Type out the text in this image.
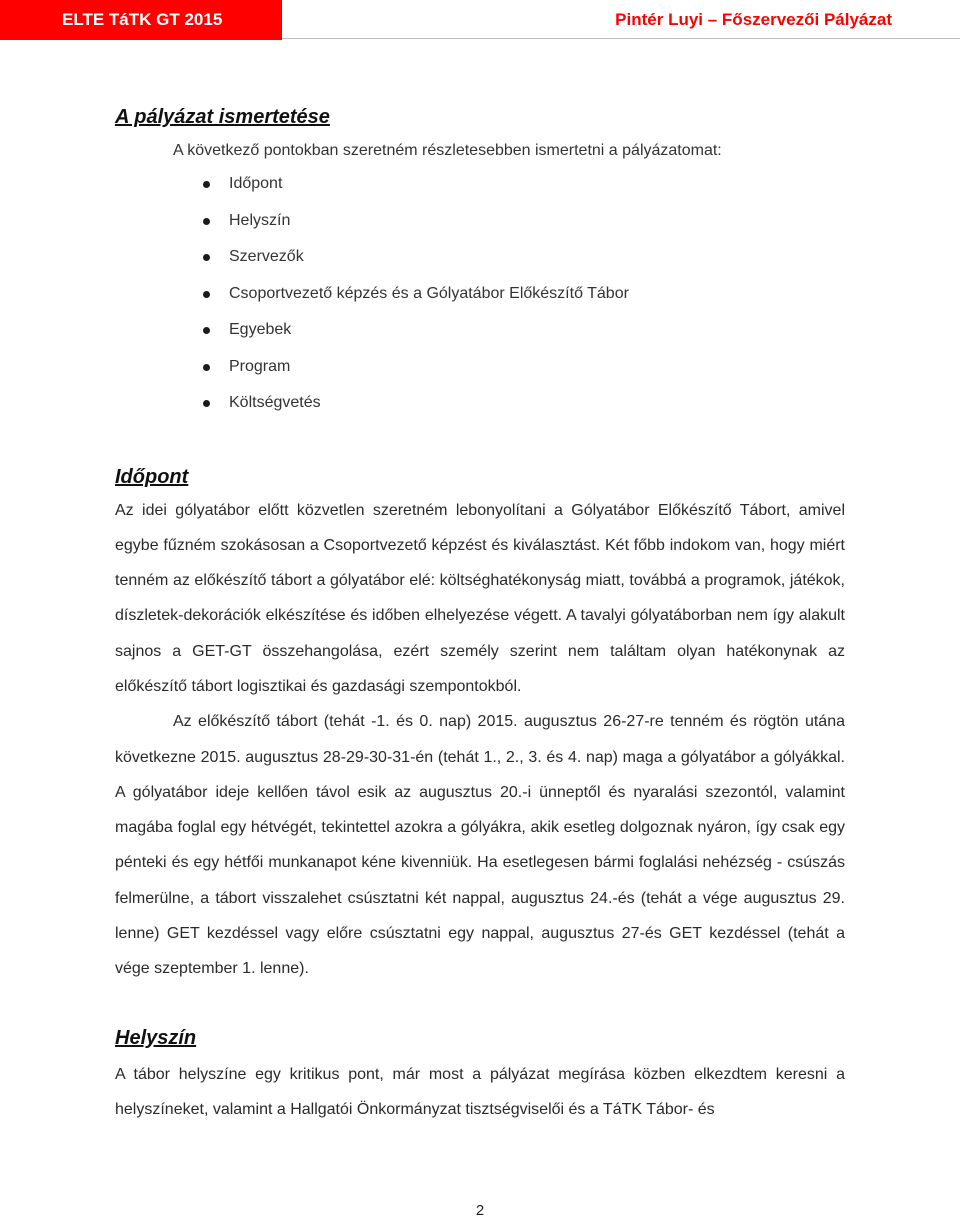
ELTE TáTK GT 2015	Pintér Luyi – Főszervezői Pályázat
A pályázat ismertetése
A következő pontokban szeretném részletesebben ismertetni a pályázatomat:
Időpont
Helyszín
Szervezők
Csoportvezető képzés és a Gólyatábor Előkészítő Tábor
Egyebek
Program
Költségvetés
Időpont

Az idei gólyatábor előtt közvetlen szeretném lebonyolítani a Gólyatábor Előkészítő Tábort, amivel egybe fűzném szokásosan a Csoportvezető képzést és kiválasztást. Két főbb indokom van, hogy miért tenném az előkészítő tábort a gólyatábor elé: költséghatékonyság miatt, továbbá a programok, játékok, díszletek-dekorációk elkészítése és időben elhelyezése végett. A tavalyi gólyatáborban nem így alakult sajnos a GET-GT összehangolása, ezért személy szerint nem találtam olyan hatékonynak az előkészítő tábort logisztikai és gazdasági szempontokból.

Az előkészítő tábort (tehát -1. és 0. nap) 2015. augusztus 26-27-re tenném és rögtön utána következne 2015. augusztus 28-29-30-31-én (tehát 1., 2., 3. és 4. nap) maga a gólyatábor a gólyákkal. A gólyatábor ideje kellően távol esik az augusztus 20.-i ünneptől és nyaralási szezontól, valamint magába foglal egy hétvégét, tekintettel azokra a gólyákra, akik esetleg dolgoznak nyáron, így csak egy pénteki és egy hétfői munkanapot kéne kivenniük. Ha esetlegesen bármi foglalási nehézség - csúszás felmerülne, a tábort visszalehet csúsztatni két nappal, augusztus 24.-és (tehát a vége augusztus 29. lenne) GET kezdéssel vagy előre csúsztatni egy nappal, augusztus 27-és GET kezdéssel (tehát a vége szeptember 1. lenne).

Helyszín

A tábor helyszíne egy kritikus pont, már most a pályázat megírása közben elkezdtem keresni a helyszíneket, valamint a Hallgatói Önkormányzat tisztségviselői és a TáTK Tábor- és

2
